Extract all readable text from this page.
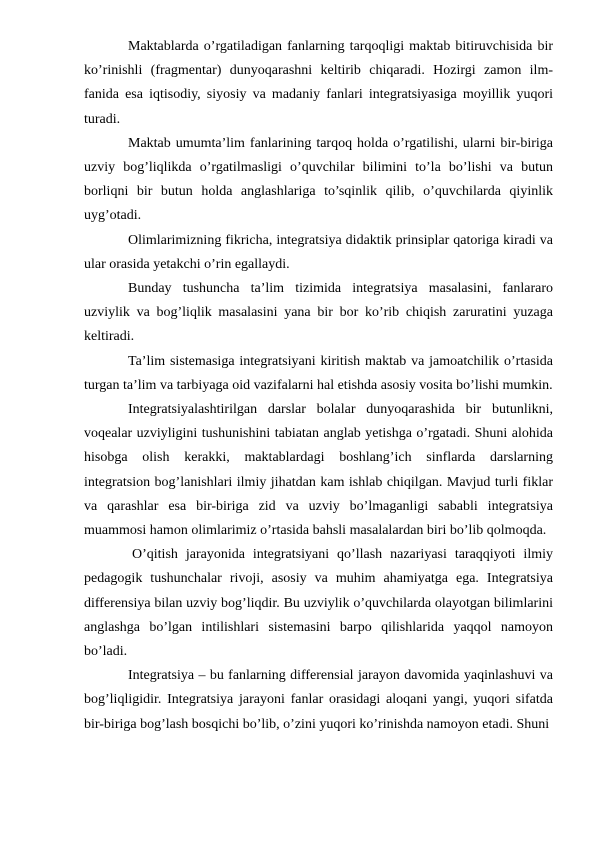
Maktablarda o’rgatiladigan fanlarning tarqoqligi maktab bitiruvchisida bir ko’rinishli (fragmentar) dunyoqarashni keltirib chiqaradi. Hozirgi zamon ilm-fanida esa iqtisodiy, siyosiy va madaniy fanlari integratsiyasiga moyillik yuqori turadi.

Maktab umumta’lim fanlarining tarqoq holda o’rgatilishi, ularni bir-biriga uzviy bog’liqlikda o’rgatilmasligi o’quvchilar bilimini to’la bo’lishi va butun borliqni bir butun holda anglashlariga to’sqinlik qilib, o’quvchilarda qiyinlik uyg’otadi.

Olimlarimizning fikricha, integratsiya didaktik prinsiplar qatoriga kiradi va ular orasida yetakchi o’rin egallaydi.

Bunday tushuncha ta’lim tizimida integratsiya masalasini, fanlararo uzviylik va bog’liqlik masalasini yana bir bor ko’rib chiqish zaruratini yuzaga keltiradi.

Ta’lim sistemasiga integratsiyani kiritish maktab va jamoatchilik o’rtasida turgan ta’lim va tarbiyaga oid vazifalarni hal etishda asosiy vosita bo’lishi mumkin.

Integratsiyalashtirilgan darslar bolalar dunyoqarashida bir butunlikni, voqealar uzviyligini tushunishini tabiatan anglab yetishga o’rgatadi. Shuni alohida hisobga olish kerakki, maktablardagi boshlang’ich sinflarda darslarning integratsion bog’lanishlari ilmiy jihatdan kam ishlab chiqilgan. Mavjud turli fiklar va qarashlar esa bir-biriga zid va uzviy bo’lmaganligi sababli integratsiya muammosi hamon olimlarimiz o’rtasida bahsli masalalardan biri bo’lib qolmoqda.

O’qitish jarayonida integratsiyani qo’llash nazariyasi taraqqiyoti ilmiy pedagogik tushunchalar rivoji, asosiy va muhim ahamiyatga ega. Integratsiya differensiya bilan uzviy bog’liqdir. Bu uzviylik o’quvchilarda olayotgan bilimlarini anglashga bo’lgan intilishlari sistemasini barpo qilishlarida yaqqol namoyon bo’ladi.

Integratsiya – bu fanlarning differensial jarayon davomida yaqinlashuvi va bog’liqligidir. Integratsiya jarayoni fanlar orasidagi aloqani yangi, yuqori sifatda bir-biriga bog’lash bosqichi bo’lib, o’zini yuqori ko’rinishda namoyon etadi. Shuni
